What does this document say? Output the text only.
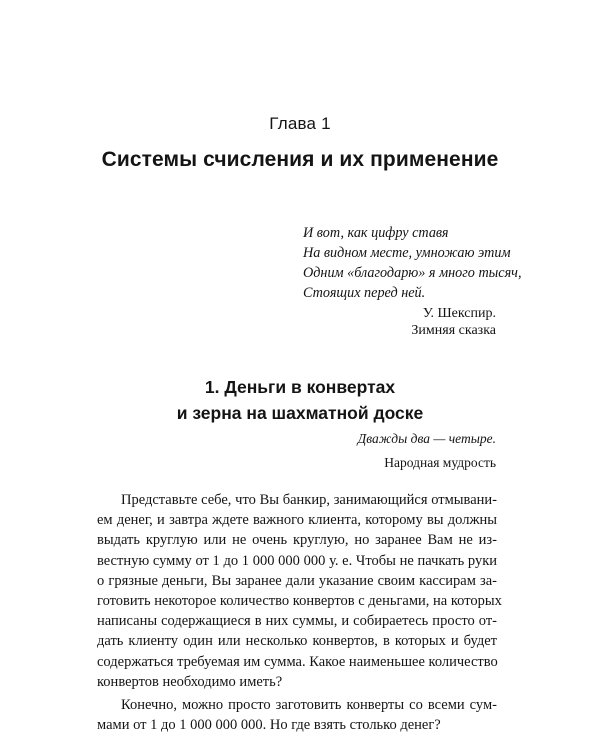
Глава 1
Системы счисления и их применение
И вот, как цифру ставя
На видном месте, умножаю этим
Одним «благодарю» я много тысяч,
Стоящих перед ней.
У. Шекспир.
Зимняя сказка
1. Деньги в конвертах
и зерна на шахматной доске
Дважды два — четыре.
Народная мудрость
Представьте себе, что Вы банкир, занимающийся отмывани-
ем денег, и завтра ждете важного клиента, которому вы должны
выдать круглую или не очень круглую, но заранее Вам не из-
вестную сумму от 1 до 1 000 000 000 у. е. Чтобы не пачкать руки
о грязные деньги, Вы заранее дали указание своим кассирам за-
готовить некоторое количество конвертов с деньгами, на которых
написаны содержащиеся в них суммы, и собираетесь просто от-
дать клиенту один или несколько конвертов, в которых и будет
содержаться требуемая им сумма. Какое наименьшее количество
конвертов необходимо иметь?
Конечно, можно просто заготовить конверты со всеми сум-
мами от 1 до 1 000 000 000. Но где взять столько денег?
